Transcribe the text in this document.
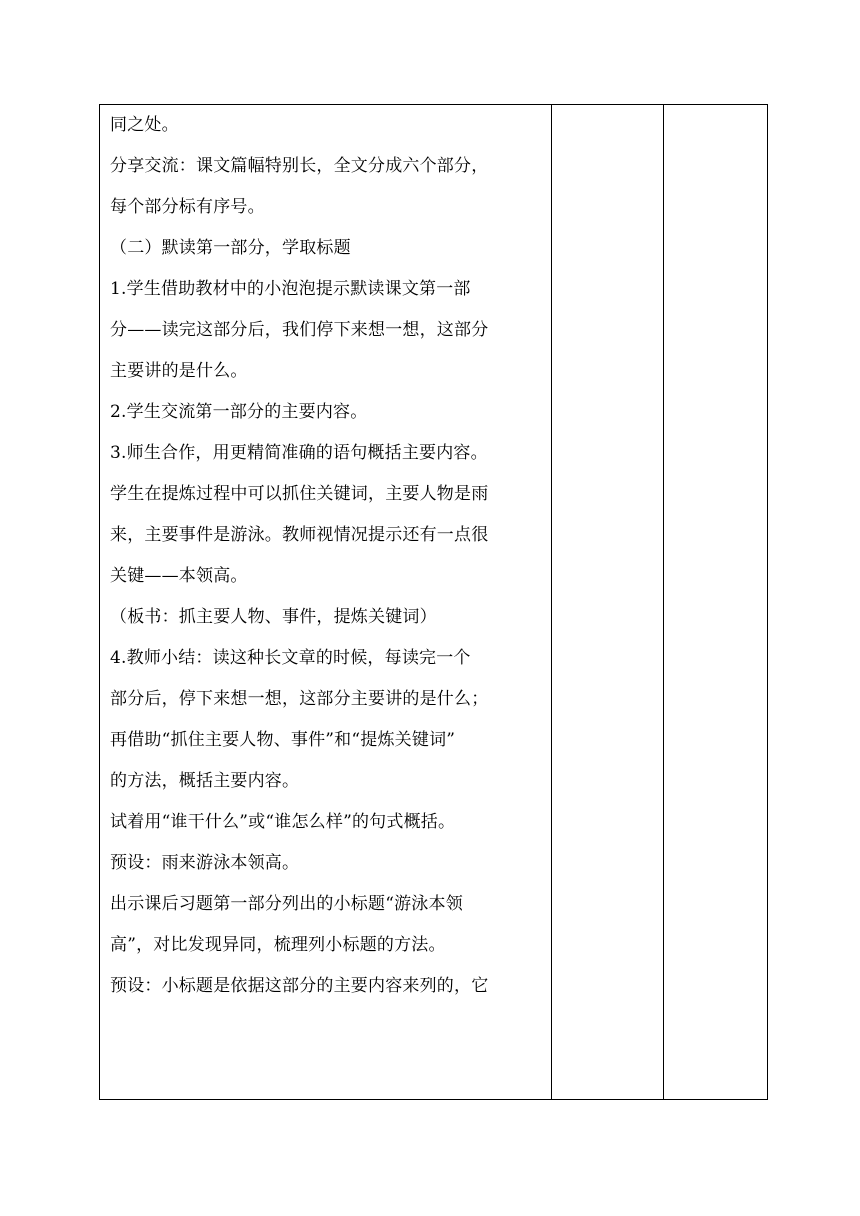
同之处。
分享交流：课文篇幅特别长，全文分成六个部分，
每个部分标有序号。
（二）默读第一部分，学取标题
1.学生借助教材中的小泡泡提示默读课文第一部
分——读完这部分后，我们停下来想一想，这部分
主要讲的是什么。
2.学生交流第一部分的主要内容。
3.师生合作，用更精简准确的语句概括主要内容。
学生在提炼过程中可以抓住关键词，主要人物是雨
来，主要事件是游泳。教师视情况提示还有一点很
关键——本领高。
（板书：抓主要人物、事件，提炼关键词）
4.教师小结：读这种长文章的时候，每读完一个
部分后，停下来想一想，这部分主要讲的是什么；
再借助“抓住主要人物、事件”和“提炼关键词”
的方法，概括主要内容。
试着用“谁干什么”或“谁怎么样”的句式概括。
预设：雨来游泳本领高。
出示课后习题第一部分列出的小标题“游泳本领
高”，对比发现异同，梳理列小标题的方法。
预设：小标题是依据这部分的主要内容来列的，它
